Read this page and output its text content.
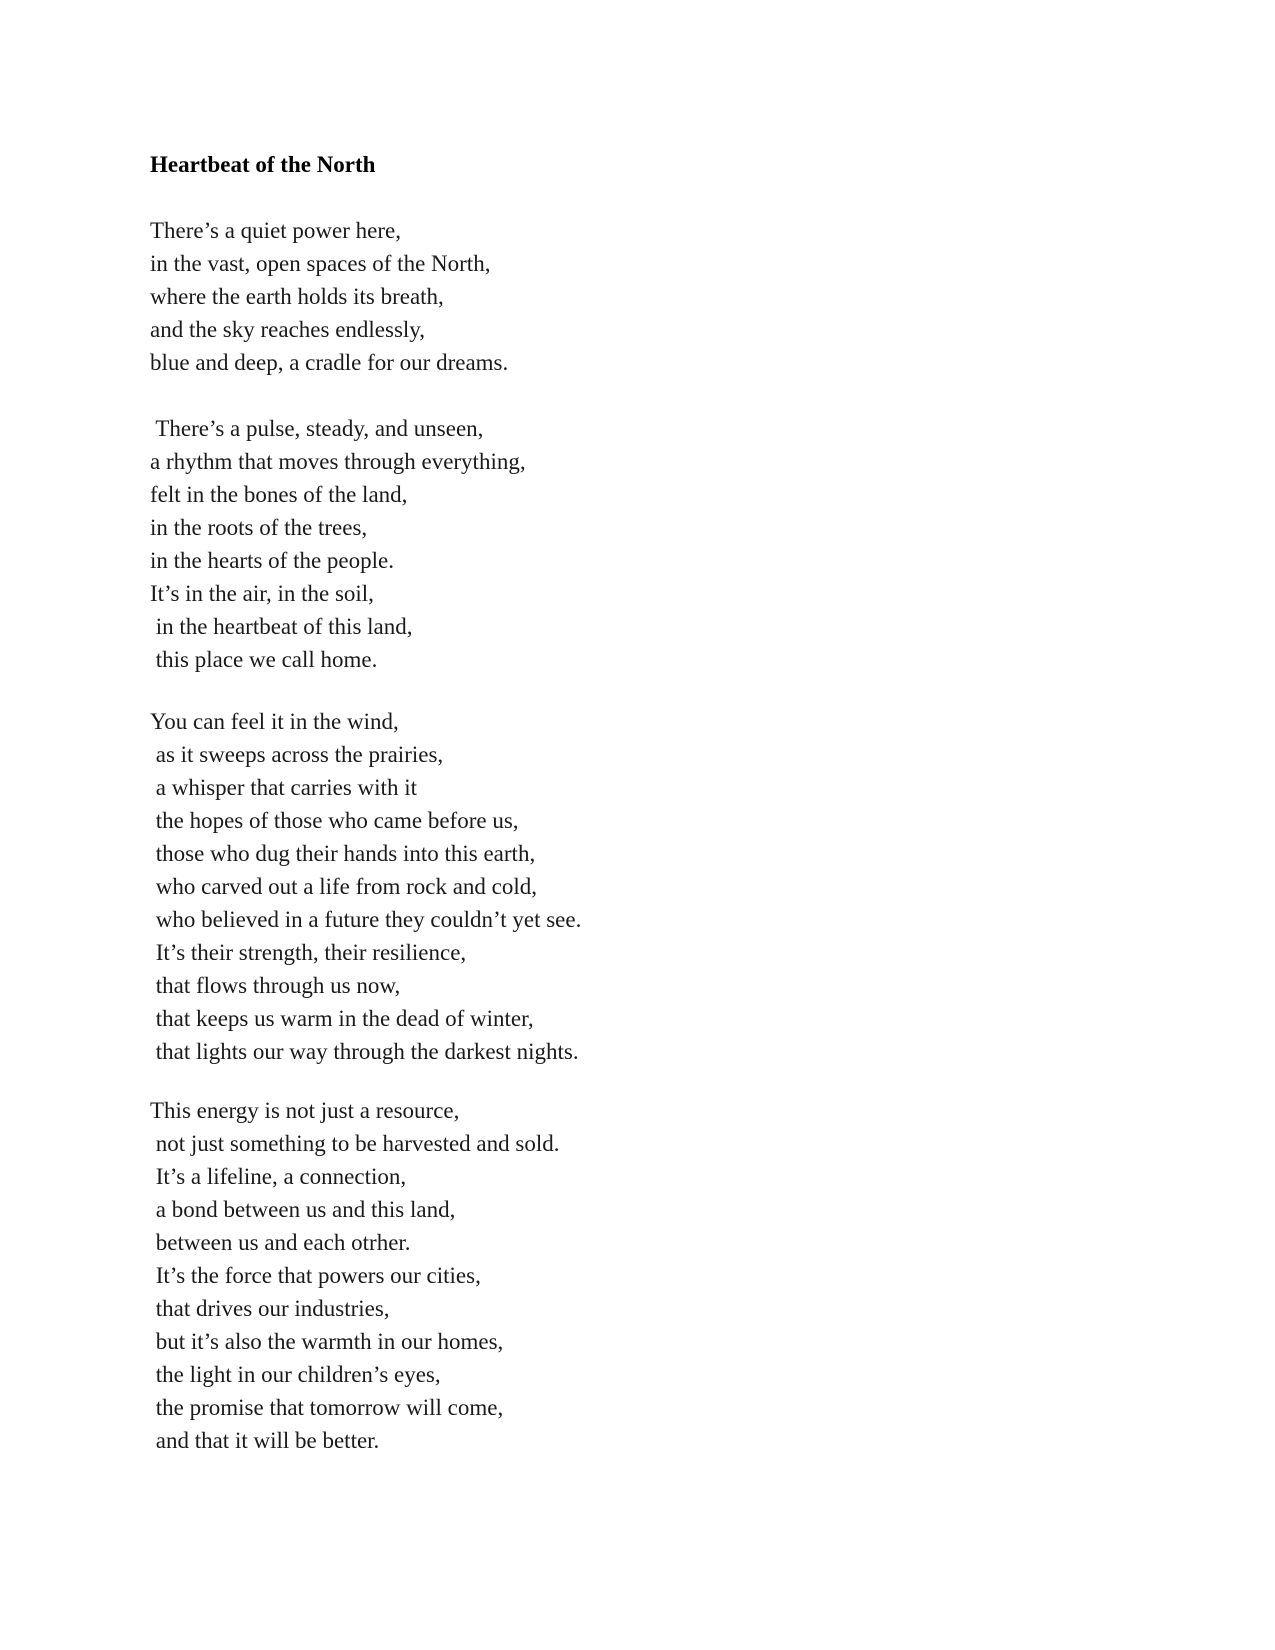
Heartbeat of the North
There’s a quiet power here,
in the vast, open spaces of the North,
where the earth holds its breath,
and the sky reaches endlessly,
blue and deep, a cradle for our dreams.
There’s a pulse, steady, and unseen,
a rhythm that moves through everything,
felt in the bones of the land,
in the roots of the trees,
in the hearts of the people.
It’s in the air, in the soil,
in the heartbeat of this land,
this place we call home.
You can feel it in the wind,
as it sweeps across the prairies,
a whisper that carries with it
the hopes of those who came before us,
those who dug their hands into this earth,
who carved out a life from rock and cold,
who believed in a future they couldn’t yet see.
It’s their strength, their resilience,
that flows through us now,
that keeps us warm in the dead of winter,
that lights our way through the darkest nights.
This energy is not just a resource,
not just something to be harvested and sold.
It’s a lifeline, a connection,
a bond between us and this land,
between us and each otrher.
It’s the force that powers our cities,
that drives our industries,
but it’s also the warmth in our homes,
the light in our children’s eyes,
the promise that tomorrow will come,
and that it will be better.
